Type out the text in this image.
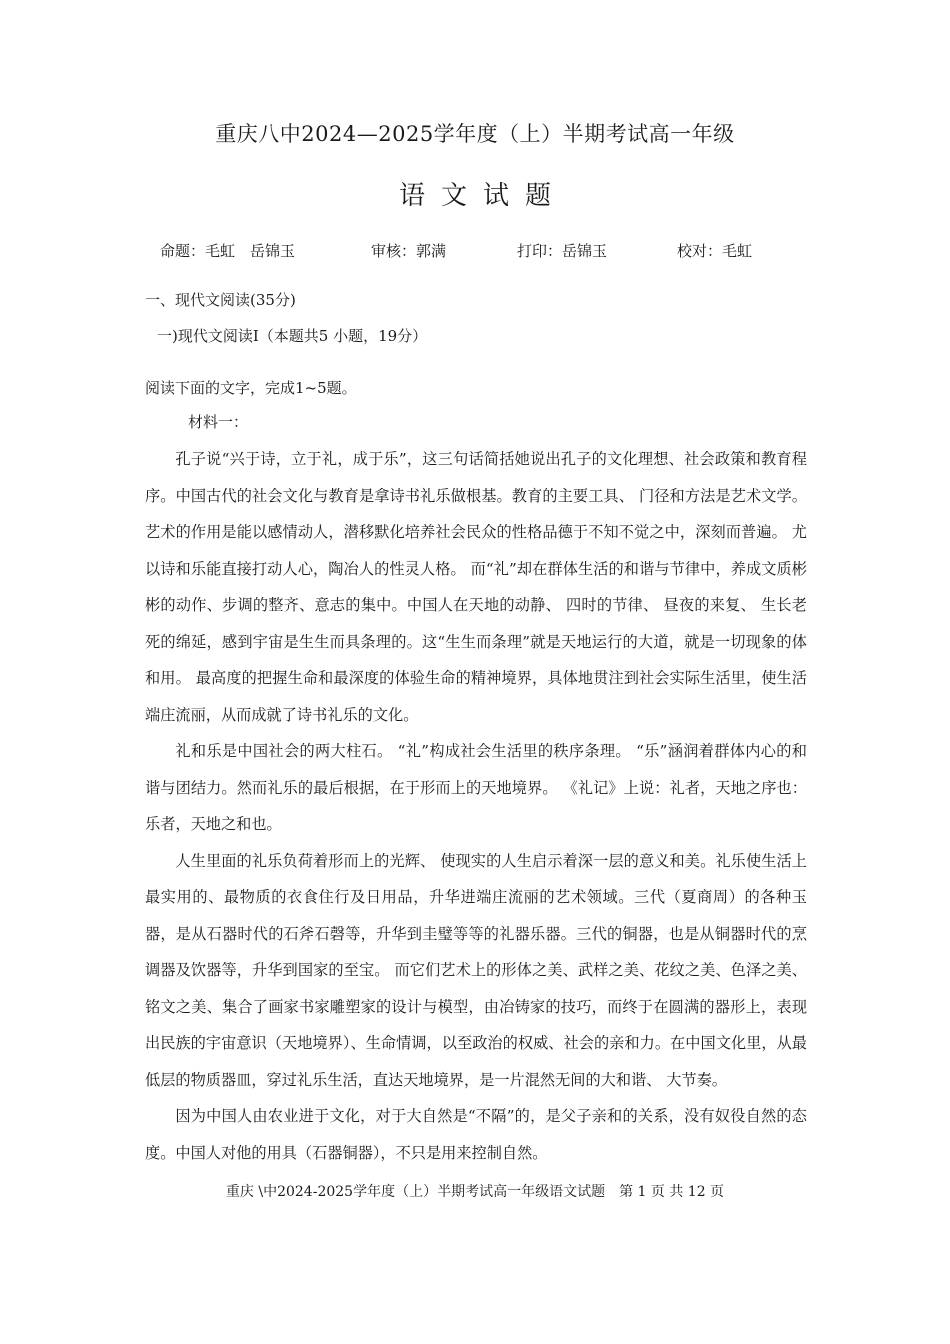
重庆八中2024—2025学年度（上）半期考试高一年级
语文试题
命题：毛虹　岳锦玉	审核：郭满	打印：岳锦玉	校对：毛虹
一、现代文阅读(35分)
一)现代文阅读Ⅰ（本题共5 小题，19分）
阅读下面的文字，完成1~5题。
材料一：

孔子说“兴于诗，立于礼，成于乐”，这三句话简括她说出孔子的文化理想、社会政策和教育程序。中国古代的社会文化与教育是拿诗书礼乐做根基。教育的主要工具、 门径和方法是艺术文学。艺术的作用是能以感情动人，潜移默化培养社会民众的性格品德于不知不觉之中，深刻而普遍。 尤以诗和乐能直接打动人心，陶冶人的性灵人格。 而“礼”却在群体生活的和谐与节律中，养成文质彬彬的动作、步调的整齐、意志的集中。中国人在天地的动静、 四时的节律、 昼夜的来复、 生长老死的绵延，感到宇宙是生生而具条理的。这“生生而条理”就是天地运行的大道，就是一切现象的体和用。 最高度的把握生命和最深度的体验生命的精神境界，具体地贯注到社会实际生活里，使生活端庄流丽，从而成就了诗书礼乐的文化。

礼和乐是中国社会的两大柱石。 “礼”构成社会生活里的秩序条理。 “乐”涵润着群体内心的和谐与团结力。然而礼乐的最后根据，在于形而上的天地境界。 《礼记》上说：礼者，天地之序也：乐者，天地之和也。

人生里面的礼乐负荷着形而上的光辉、 使现实的人生启示着深一层的意义和美。礼乐使生活上最实用的、最物质的衣食住行及日用品，升华进端庄流丽的艺术领域。三代（夏商周）的各种玉器，是从石器时代的石斧石磬等，升华到圭璧等等的礼器乐器。三代的铜器，也是从铜器时代的烹调器及饮器等，升华到国家的至宝。 而它们艺术上的形体之美、武样之美、花纹之美、色泽之美、铭文之美、集合了画家书家雕塑家的设计与模型，由冶铸家的技巧，而终于在圆满的器形上，表现出民族的宇宙意识（天地境界）、生命情调，以至政治的权威、社会的亲和力。在中国文化里，从最低层的物质器皿，穿过礼乐生活，直达天地境界，是一片混然无间的大和谐、 大节奏。

因为中国人由农业进于文化，对于大自然是“不隔”的，是父子亲和的关系，没有奴役自然的态度。中国人对他的用具（石器铜器），不只是用来控制自然。

重庆 \中2024-2025学年度（上）半期考试高一年级语文试题　第 1 页 共 12 页
